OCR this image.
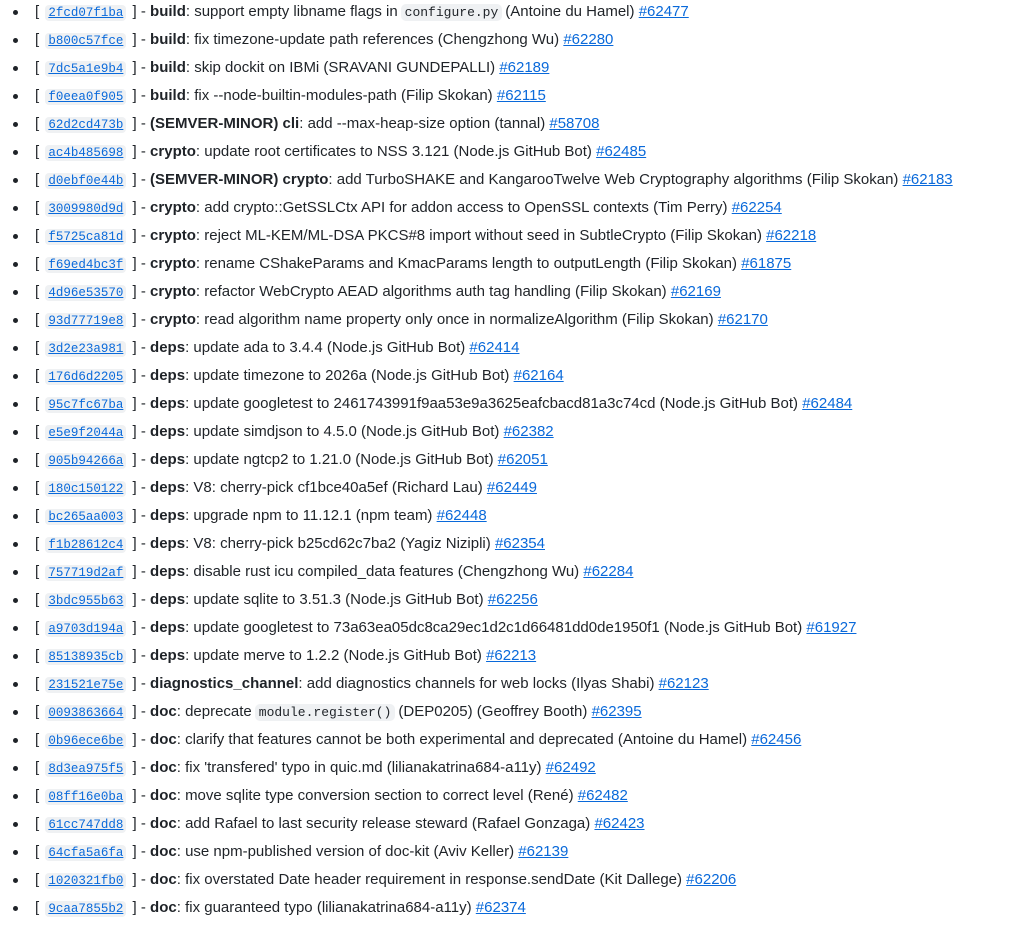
[ 2fcd07f1ba ] - build: support empty libname flags in configure.py (Antoine du Hamel) #62477
[ b800c57fce ] - build: fix timezone-update path references (Chengzhong Wu) #62280
[ 7dc5a1e9b4 ] - build: skip dockit on IBMi (SRAVANI GUNDEPALLI) #62189
[ f0eea0f905 ] - build: fix --node-builtin-modules-path (Filip Skokan) #62115
[ 62d2cd473b ] - (SEMVER-MINOR) cli: add --max-heap-size option (tannal) #58708
[ ac4b485698 ] - crypto: update root certificates to NSS 3.121 (Node.js GitHub Bot) #62485
[ d0ebf0e44b ] - (SEMVER-MINOR) crypto: add TurboSHAKE and KangarooTwelve Web Cryptography algorithms (Filip Skokan) #62183
[ 3009980d9d ] - crypto: add crypto::GetSSLCtx API for addon access to OpenSSL contexts (Tim Perry) #62254
[ f5725ca81d ] - crypto: reject ML-KEM/ML-DSA PKCS#8 import without seed in SubtleCrypto (Filip Skokan) #62218
[ f69ed4bc3f ] - crypto: rename CShakeParams and KmacParams length to outputLength (Filip Skokan) #61875
[ 4d96e53570 ] - crypto: refactor WebCrypto AEAD algorithms auth tag handling (Filip Skokan) #62169
[ 93d77719e8 ] - crypto: read algorithm name property only once in normalizeAlgorithm (Filip Skokan) #62170
[ 3d2e23a981 ] - deps: update ada to 3.4.4 (Node.js GitHub Bot) #62414
[ 176d6d2205 ] - deps: update timezone to 2026a (Node.js GitHub Bot) #62164
[ 95c7fc67ba ] - deps: update googletest to 2461743991f9aa53e9a3625eafcbacd81a3c74cd (Node.js GitHub Bot) #62484
[ e5e9f2044a ] - deps: update simdjson to 4.5.0 (Node.js GitHub Bot) #62382
[ 905b94266a ] - deps: update ngtcp2 to 1.21.0 (Node.js GitHub Bot) #62051
[ 180c150122 ] - deps: V8: cherry-pick cf1bce40a5ef (Richard Lau) #62449
[ bc265aa003 ] - deps: upgrade npm to 11.12.1 (npm team) #62448
[ f1b28612c4 ] - deps: V8: cherry-pick b25cd62c7ba2 (Yagiz Nizipli) #62354
[ 757719d2af ] - deps: disable rust icu compiled_data features (Chengzhong Wu) #62284
[ 3bdc955b63 ] - deps: update sqlite to 3.51.3 (Node.js GitHub Bot) #62256
[ a9703d194a ] - deps: update googletest to 73a63ea05dc8ca29ec1d2c1d66481dd0de1950f1 (Node.js GitHub Bot) #61927
[ 85138935cb ] - deps: update merve to 1.2.2 (Node.js GitHub Bot) #62213
[ 231521e75e ] - diagnostics_channel: add diagnostics channels for web locks (Ilyas Shabi) #62123
[ 0093863664 ] - doc: deprecate module.register() (DEP0205) (Geoffrey Booth) #62395
[ 0b96ece6be ] - doc: clarify that features cannot be both experimental and deprecated (Antoine du Hamel) #62456
[ 8d3ea975f5 ] - doc: fix 'transfered' typo in quic.md (lilianakatrina684-a11y) #62492
[ 08ff16e0ba ] - doc: move sqlite type conversion section to correct level (René) #62482
[ 61cc747dd8 ] - doc: add Rafael to last security release steward (Rafael Gonzaga) #62423
[ 64cfa5a6fa ] - doc: use npm-published version of doc-kit (Aviv Keller) #62139
[ 1020321fb0 ] - doc: fix overstated Date header requirement in response.sendDate (Kit Dallege) #62206
[ 9caa7855b2 ] - doc: fix guaranteed typo (lilianakatrina684-a11y) #62374
